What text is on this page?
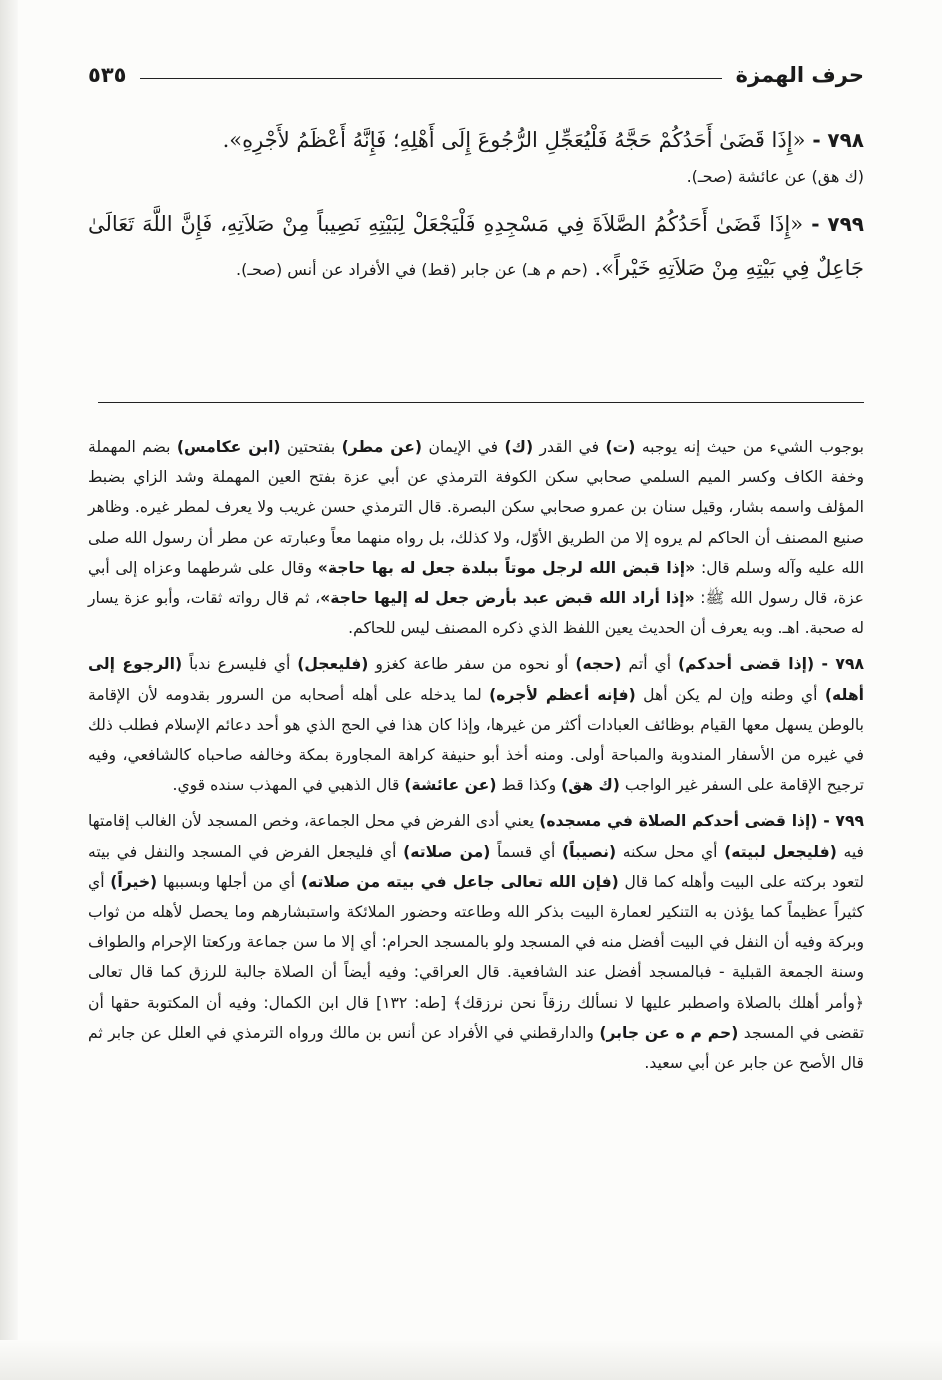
حرف الهمزة
٥٣٥

٧٩٨ - «إِذَا قَضَىٰ أَحَدُكُمْ حَجَّهُ فَلْيُعَجِّلِ الرُّجُوعَ إِلَى أَهْلِهِ؛ فَإِنَّهُ أَعْظَمُ لأَجْرِهِ».

(ك هق) عن عائشة (صحـ).

٧٩٩ - «إِذَا قَضَىٰ أَحَدُكُمُ الصَّلاَةَ فِي مَسْجِدِهِ فَلْيَجْعَلْ لِبَيْتِهِ نَصِيباً مِنْ صَلاَتِهِ، فَإِنَّ اللَّهَ تَعَالَىٰ جَاعِلٌ فِي بَيْتِهِ مِنْ صَلاَتِهِ خَيْراً». (حم م هـ) عن جابر (قط) في الأفراد عن أنس (صحـ).

بوجوب الشيء من حيث إنه يوجبه (ت) في القدر (ك) في الإيمان (عن مطر) بفتحتين (ابن عكامس) بضم المهملة وخفة الكاف وكسر الميم السلمي صحابي سكن الكوفة الترمذي عن أبي عزة بفتح العين المهملة وشد الزاي بضبط المؤلف واسمه بشار، وقيل سنان بن عمرو صحابي سكن البصرة. قال الترمذي حسن غريب ولا يعرف لمطر غيره. وظاهر صنيع المصنف أن الحاكم لم يروه إلا من الطريق الأوّل، ولا كذلك، بل رواه منهما معاً وعبارته عن مطر أن رسول الله صلى الله عليه وآله وسلم قال: «إذا قبض الله لرجل موتاً ببلدة جعل له بها حاجة» وقال على شرطهما وعزاه إلى أبي عزة، قال رسول الله ﷺ: «إذا أراد الله قبض عبد بأرض جعل له إليها حاجة»، ثم قال رواته ثقات، وأبو عزة يسار له صحبة. اهـ. وبه يعرف أن الحديث يعين اللفظ الذي ذكره المصنف ليس للحاكم.

٧٩٨ - (إذا قضى أحدكم) أي أتم (حجه) أو نحوه من سفر طاعة كغزو (فليعجل) أي فليسرع ندباً (الرجوع إلى أهله) أي وطنه وإن لم يكن أهل (فإنه أعظم لأجره) لما يدخله على أهله أصحابه من السرور بقدومه لأن الإقامة بالوطن يسهل معها القيام بوظائف العبادات أكثر من غيرها، وإذا كان هذا في الحج الذي هو أحد دعائم الإسلام فطلب ذلك في غيره من الأسفار المندوبة والمباحة أولى. ومنه أخذ أبو حنيفة كراهة المجاورة بمكة وخالفه صاحباه كالشافعي، وفيه ترجيح الإقامة على السفر غير الواجب (ك هق) وكذا قط (عن عائشة) قال الذهبي في المهذب سنده قوي.

٧٩٩ - (إذا قضى أحدكم الصلاة في مسجده) يعني أدى الفرض في محل الجماعة، وخص المسجد لأن الغالب إقامتها فيه (فليجعل لبيته) أي محل سكنه (نصيباً) أي قسماً (من صلاته) أي فليجعل الفرض في المسجد والنفل في بيته لتعود بركته على البيت وأهله كما قال (فإن الله تعالى جاعل في بيته من صلاته) أي من أجلها وبسببها (خيراً) أي كثيراً عظيماً كما يؤذن به التنكير لعمارة البيت بذكر الله وطاعته وحضور الملائكة واستبشارهم وما يحصل لأهله من ثواب وبركة وفيه أن النفل في البيت أفضل منه في المسجد ولو بالمسجد الحرام: أي إلا ما سن جماعة وركعتا الإحرام والطواف وسنة الجمعة القبلية - فبالمسجد أفضل عند الشافعية. قال العراقي: وفيه أيضاً أن الصلاة جالبة للرزق كما قال تعالى ﴿وأمر أهلك بالصلاة واصطبر عليها لا نسألك رزقاً نحن نرزقك﴾ [طه: ١٣٢] قال ابن الكمال: وفيه أن المكتوبة حقها أن تقضى في المسجد (حم م ه عن جابر) والدارقطني في الأفراد عن أنس بن مالك ورواه الترمذي في العلل عن جابر ثم قال الأصح عن جابر عن أبي سعيد.
